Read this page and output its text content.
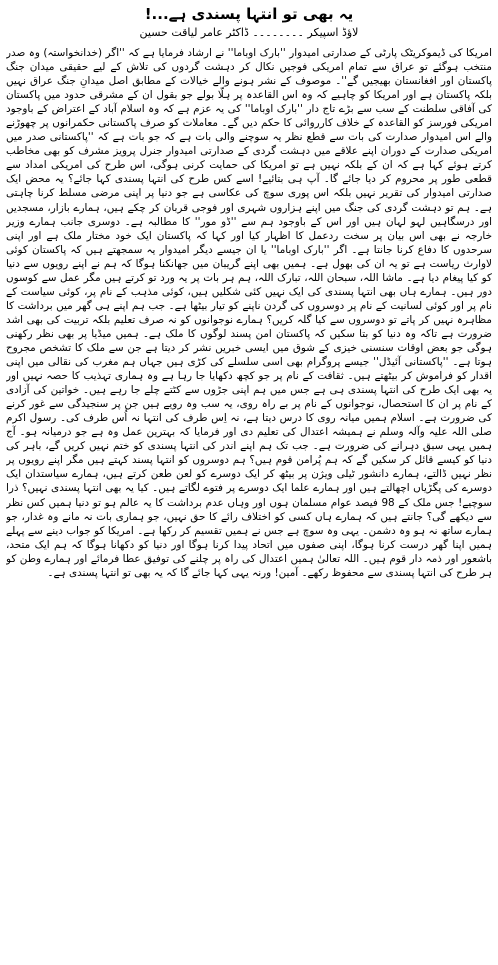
یہ بھی تو انتہا پسندی ہے...!
لاؤڈ اسپیکر ۔۔۔۔۔۔۔۔ ڈاکٹر عامر لیاقت حسین

امریکا کی ڈیموکریٹک پارٹی کے صدارتی امیدوار ''بارک اوباما'' نے ارشاد فرمایا ہے کہ ''اگر (خدانخواستہ) وہ صدر منتخب ہوگئے تو عراق سے تمام امریکی فوجیں نکال کر دہشت گردوں کی تلاش کے لیے حقیقی میدان جنگ پاکستان اور افغانستان بھیجیں گے''۔ موصوف کے نشر ہونے والے خیالات کے مطابق اصل میدانِ جنگ عراق نہیں بلکہ پاکستان ہے اور امریکا کو چاہیے کہ وہ اس القاعدہ پر ہلّا بولے جو بقول ان کے مشرقی حدود میں پاکستان کی آفاقی سلطنت کے سب سے بڑے تاج دار ''بارک اوباما'' کی یہ عزم ہے کہ وہ اسلام آباد کے اعتراض کے باوجود امریکی فورسز کو القاعدہ کے خلاف کارروائی کا حکم دیں گے۔ معاملات کو صرف پاکستانی حکمرانوں پر چھوڑنے والے اس امیدوار صدارت کی بات سے قطع نظر یہ سوچنے والی بات ہے کہ جو بات ہے کہ ''پاکستانی صدر میں امریکی صدارت کے دوران اپنے علاقے میں دہشت گردی کے صدارتی امیدوار جنرل پرویز مشرف کو بھی مخاطب کرتے ہوئے کہا ہے کہ ان کے بلکہ نہیں ہے تو امریکا کی حمایت کرنی ہوگی، اس طرح کی امریکی امداد سے قطعی طور پر محروم کر دیا جائے گا۔ آپ ہی بتائیے! اسے کس طرح کی انتہا پسندی کہا جائے؟ یہ محض ایک صدارتی امیدوار کی تقریر نہیں بلکہ اس پوری سوچ کی عکاسی ہے جو دنیا پر اپنی مرضی مسلط کرنا چاہتی ہے۔ ہم تو دہشت گردی کی جنگ میں اپنے ہزاروں شہری اور فوجی قربان کر چکے ہیں، ہمارے بازار، مسجدیں اور درسگاہیں لہو لہان ہیں اور اس کے باوجود ہم سے ''ڈو مور'' کا مطالبہ ہے۔ دوسری جانب ہمارے وزیر خارجہ نے بھی اس بیان پر سخت ردعمل کا اظہار کیا اور کہا کہ پاکستان ایک خود مختار ملک ہے اور اپنی سرحدوں کا دفاع کرنا جانتا ہے۔ اگر ''بارک اوباما'' یا ان جیسے دیگر امیدوار یہ سمجھتے ہیں کہ پاکستان کوئی لاوارث ریاست ہے تو یہ ان کی بھول ہے۔ ہمیں بھی اپنے گریبان میں جھانکنا ہوگا کہ ہم نے اپنے رویوں سے دنیا کو کیا پیغام دیا ہے۔ ماشا اللہ، سبحان اللہ، تبارک اللہ، ہم ہر بات پر یہ ورد تو کرتے ہیں مگر عمل سے کوسوں دور ہیں۔ ہمارے ہاں بھی انتہا پسندی کی ایک نہیں کئی شکلیں ہیں، کوئی مذہب کے نام پر، کوئی سیاست کے نام پر اور کوئی لسانیت کے نام پر دوسروں کی گردن ناپنے کو تیار بیٹھا ہے۔ جب ہم اپنے ہی گھر میں برداشت کا مظاہرہ نہیں کر پاتے تو دوسروں سے کیا گلہ کریں؟ ہمارے نوجوانوں کو نہ صرف تعلیم بلکہ تربیت کی بھی اشد ضرورت ہے تاکہ وہ دنیا کو بتا سکیں کہ پاکستان امن پسند لوگوں کا ملک ہے۔ ہمیں میڈیا پر بھی نظر رکھنی ہوگی جو بعض اوقات سنسنی خیزی کے شوق میں ایسی خبریں نشر کر دیتا ہے جن سے ملک کا تشخص مجروح ہوتا ہے۔ ''پاکستانی آئیڈل'' جیسے پروگرام بھی اسی سلسلے کی کڑی ہیں جہاں ہم مغرب کی نقالی میں اپنی اقدار کو فراموش کر بیٹھتے ہیں۔ ثقافت کے نام پر جو کچھ دکھایا جا رہا ہے وہ ہماری تہذیب کا حصہ نہیں اور یہ بھی ایک طرح کی انتہا پسندی ہی ہے جس میں ہم اپنی جڑوں سے کٹتے چلے جا رہے ہیں۔ خواتین کی آزادی کے نام پر ان کا استحصال، نوجوانوں کے نام پر بے راہ روی، یہ سب وہ رویے ہیں جن پر سنجیدگی سے غور کرنے کی ضرورت ہے۔ اسلام ہمیں میانہ روی کا درس دیتا ہے، نہ اِس طرف کی انتہا نہ اُس طرف کی۔ رسول اکرم صلی اللہ علیہ وآلہ وسلم نے ہمیشہ اعتدال کی تعلیم دی اور فرمایا کہ بہترین عمل وہ ہے جو درمیانہ ہو۔ آج ہمیں یہی سبق دہرانے کی ضرورت ہے۔ جب تک ہم اپنے اندر کی انتہا پسندی کو ختم نہیں کریں گے، باہر کی دنیا کو کیسے قائل کر سکیں گے کہ ہم پُرامن قوم ہیں؟ ہم دوسروں کو انتہا پسند کہتے ہیں مگر اپنے رویوں پر نظر نہیں ڈالتے، ہمارے دانشور ٹیلی ویژن پر بیٹھ کر ایک دوسرے کو لعن طعن کرتے ہیں، ہمارے سیاستدان ایک دوسرے کی پگڑیاں اچھالتے ہیں اور ہمارے علما ایک دوسرے پر فتوے لگاتے ہیں۔ کیا یہ بھی انتہا پسندی نہیں؟ ذرا سوچیے! جس ملک کے 98 فیصد عوام مسلمان ہوں اور وہاں عدم برداشت کا یہ عالم ہو تو دنیا ہمیں کس نظر سے دیکھے گی؟ جانتے ہیں کہ ہمارے ہاں کسی کو اختلاف رائے کا حق نہیں، جو ہماری بات نہ مانے وہ غدار، جو ہمارے ساتھ نہ ہو وہ دشمن۔ یہی وہ سوچ ہے جس نے ہمیں تقسیم کر رکھا ہے۔ امریکا کو جواب دینے سے پہلے ہمیں اپنا گھر درست کرنا ہوگا، اپنی صفوں میں اتحاد پیدا کرنا ہوگا اور دنیا کو دکھانا ہوگا کہ ہم ایک متحد، باشعور اور ذمہ دار قوم ہیں۔ اللہ تعالیٰ ہمیں اعتدال کی راہ پر چلنے کی توفیق عطا فرمائے اور ہمارے وطن کو ہر طرح کی انتہا پسندی سے محفوظ رکھے۔ آمین! ورنہ یہی کہا جائے گا کہ یہ بھی تو انتہا پسندی ہے۔
